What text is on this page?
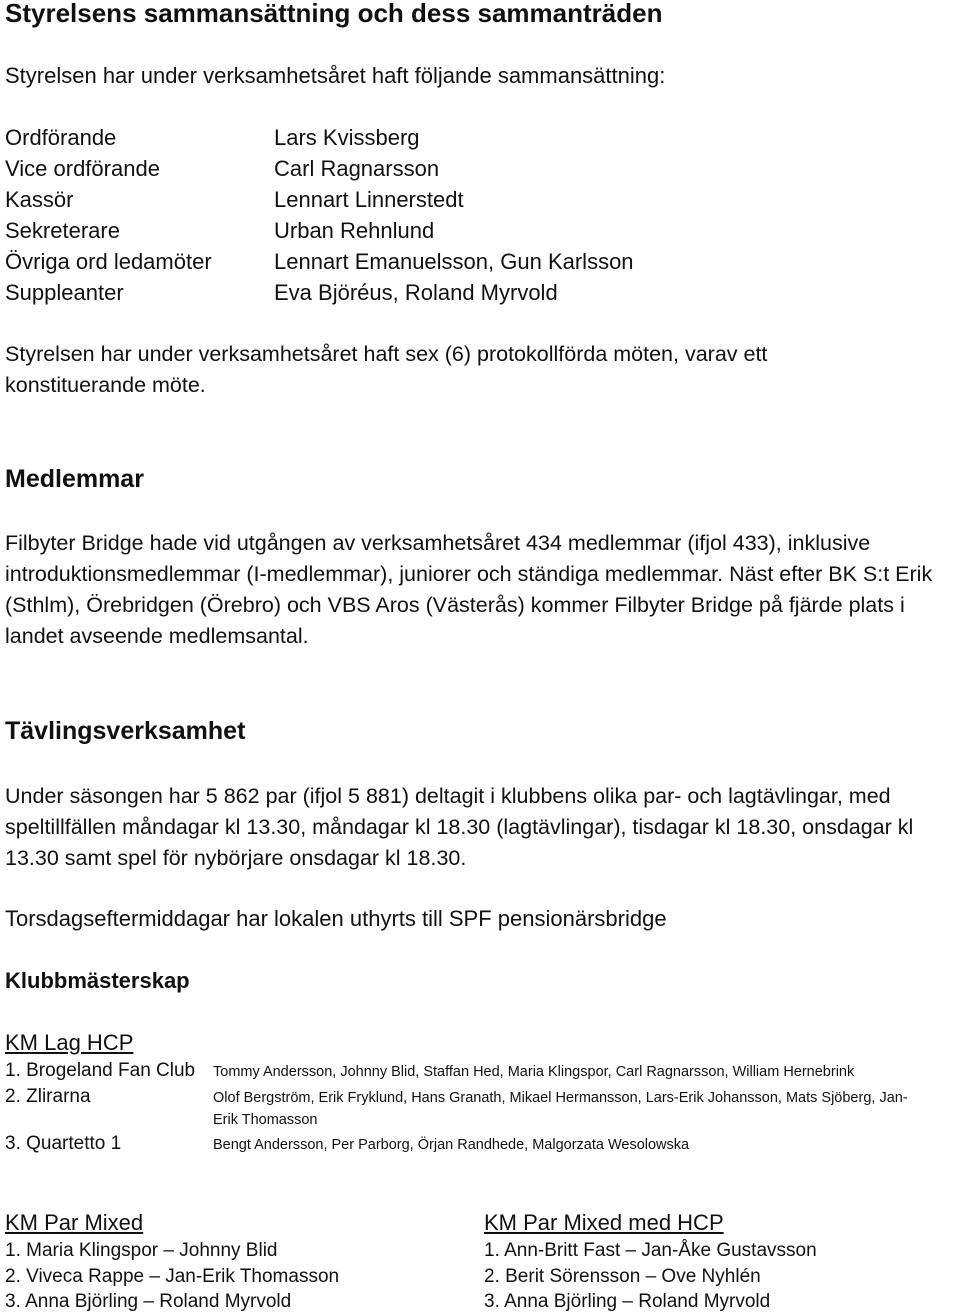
Styrelsens sammansättning och dess sammanträden
Styrelsen har under verksamhetsåret haft följande sammansättning:
Ordförande
Vice ordförande
Kassör
Sekreterare
Övriga ord ledamöter
Suppleanter
Lars Kvissberg
Carl Ragnarsson
Lennart Linnerstedt
Urban Rehnlund
Lennart Emanuelsson, Gun Karlsson
Eva Björéus, Roland Myrvold
Styrelsen har under verksamhetsåret haft sex (6) protokollförda möten, varav ett konstituerande möte.
Medlemmar
Filbyter Bridge hade vid utgången av verksamhetsåret 434 medlemmar (ifjol 433), inklusive introduktionsmedlemmar (I-medlemmar), juniorer och ständiga medlemmar. Näst efter BK S:t Erik (Sthlm), Örebridgen (Örebro) och VBS Aros (Västerås) kommer Filbyter Bridge på fjärde plats i landet avseende medlemsantal.
Tävlingsverksamhet
Under säsongen har 5 862 par (ifjol 5 881) deltagit i klubbens olika par- och lagtävlingar, med speltillfällen måndagar kl 13.30, måndagar kl 18.30 (lagtävlingar), tisdagar kl 18.30, onsdagar kl 13.30 samt spel för nybörjare onsdagar kl 18.30.
Torsdagseftermiddagar har lokalen uthyrts till SPF pensionärsbridge
Klubbmästerskap
KM Lag HCP
1. Brogeland Fan Club Tommy Andersson, Johnny Blid, Staffan Hed, Maria Klingspor, Carl Ragnarsson, William Hernebrink
2. Zlirarna	Olof Bergström, Erik Fryklund, Hans Granath, Mikael Hermansson, Lars-Erik Johansson, Mats Sjöberg, Jan-Erik Thomasson
3. Quartetto 1	Bengt Andersson, Per Parborg, Örjan Randhede, Malgorzata Wesolowska
KM Par Mixed
1. Maria Klingspor – Johnny Blid
2. Viveca Rappe – Jan-Erik Thomasson
3. Anna Björling – Roland Myrvold
KM Par Mixed med HCP
1. Ann-Britt Fast – Jan-Åke Gustavsson
2. Berit Sörensson – Ove Nyhlén
3. Anna Björling – Roland Myrvold
